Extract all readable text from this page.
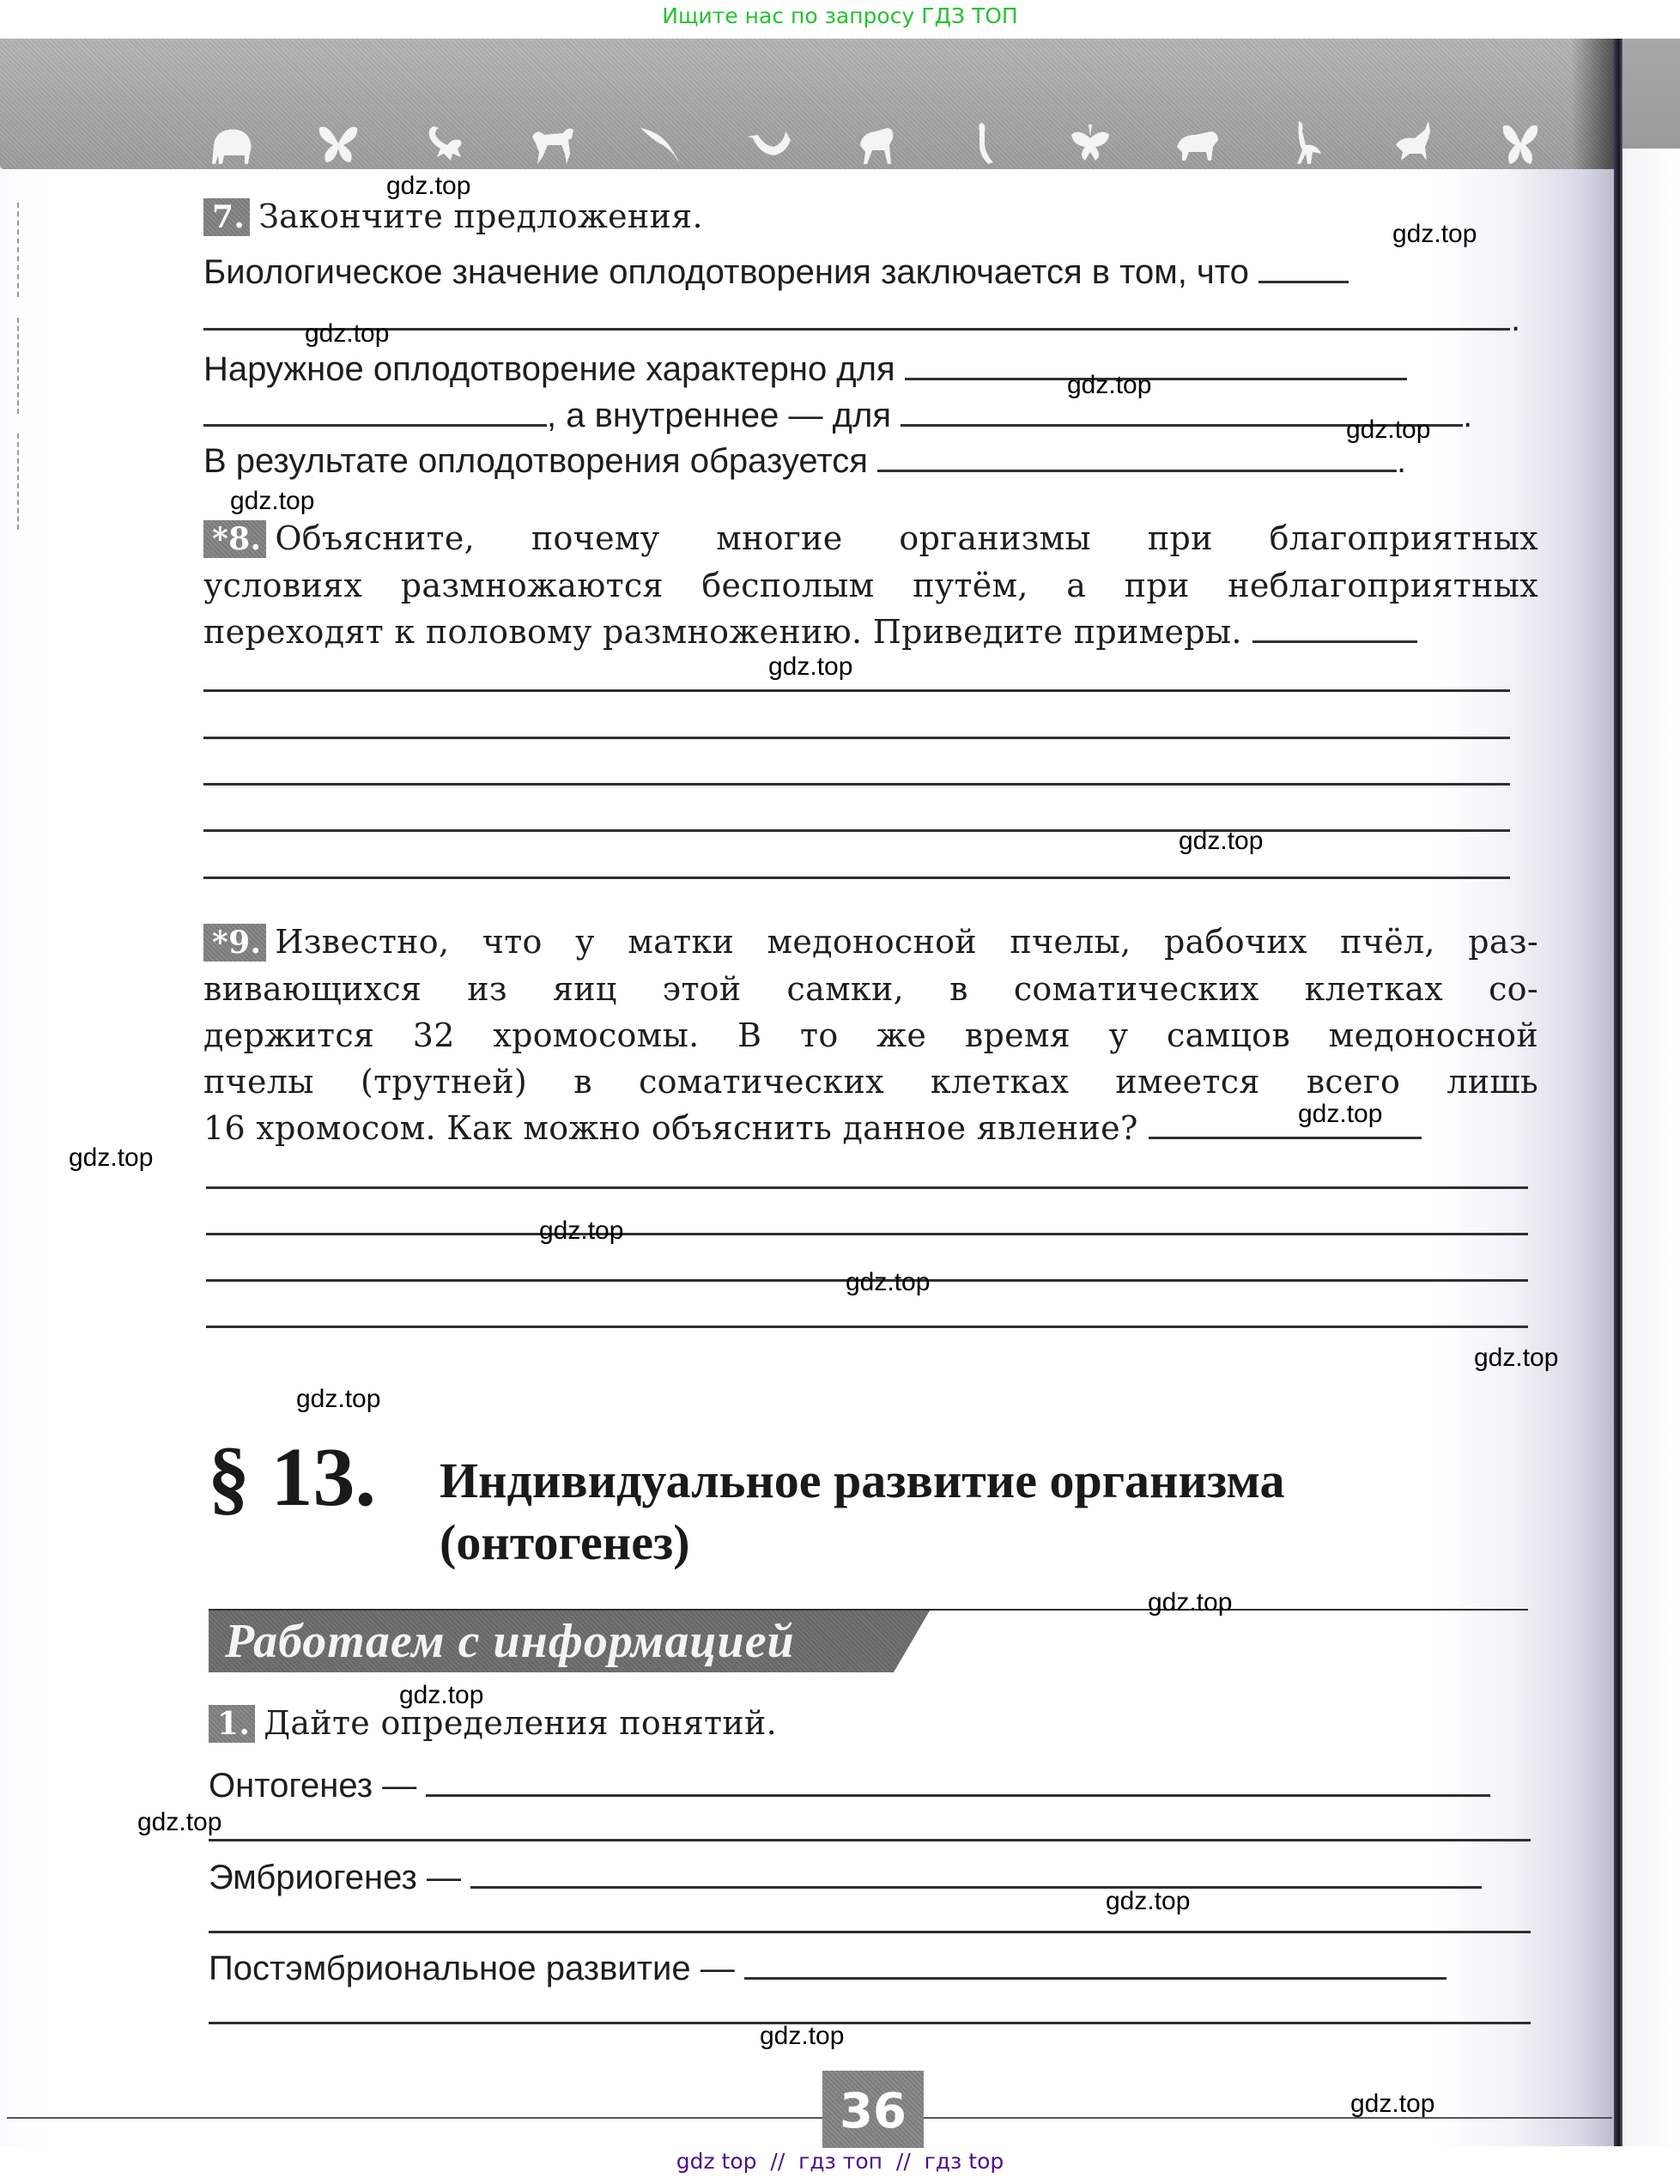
Ищите нас по запросу ГДЗ ТОП
7. Закончите предложения.
Биологическое значение оплодотворения заключается в том, что
.
Наружное оплодотворение характерно для
, а внутреннее — для	.
В результате оплодотворения образуется	.
*8. Объясните, почему многие организмы при благоприятных
условиях размножаются бесполым путём, а при неблагоприятных
переходят к половому размножению. Приведите примеры.
*9. Известно, что у матки медоносной пчелы, рабочих пчёл, раз-
вивающихся из яиц этой самки, в соматических клетках со-
держится 32 хромосомы. В то же время у самцов медоносной
пчелы (трутней) в соматических клетках имеется всего лишь
16 хромосом. Как можно объяснить данное явление?
§ 13. Индивидуальное развитие организма
(онтогенез)
Работаем с информацией
1. Дайте определения понятий.
Онтогенез —
Эмбриогенез —
Постэмбриональное развитие —
36
gdz.top
gdz.top
gdz.top
gdz.top
gdz.top
gdz.top
gdz.top
gdz.top
gdz.top
gdz.top
gdz.top
gdz.top
gdz.top
gdz.top
gdz.top
gdz.top
gdz.top
gdz.top
gdz.top
gdz.top
gdz top  //  гдз топ  //  гдз top
